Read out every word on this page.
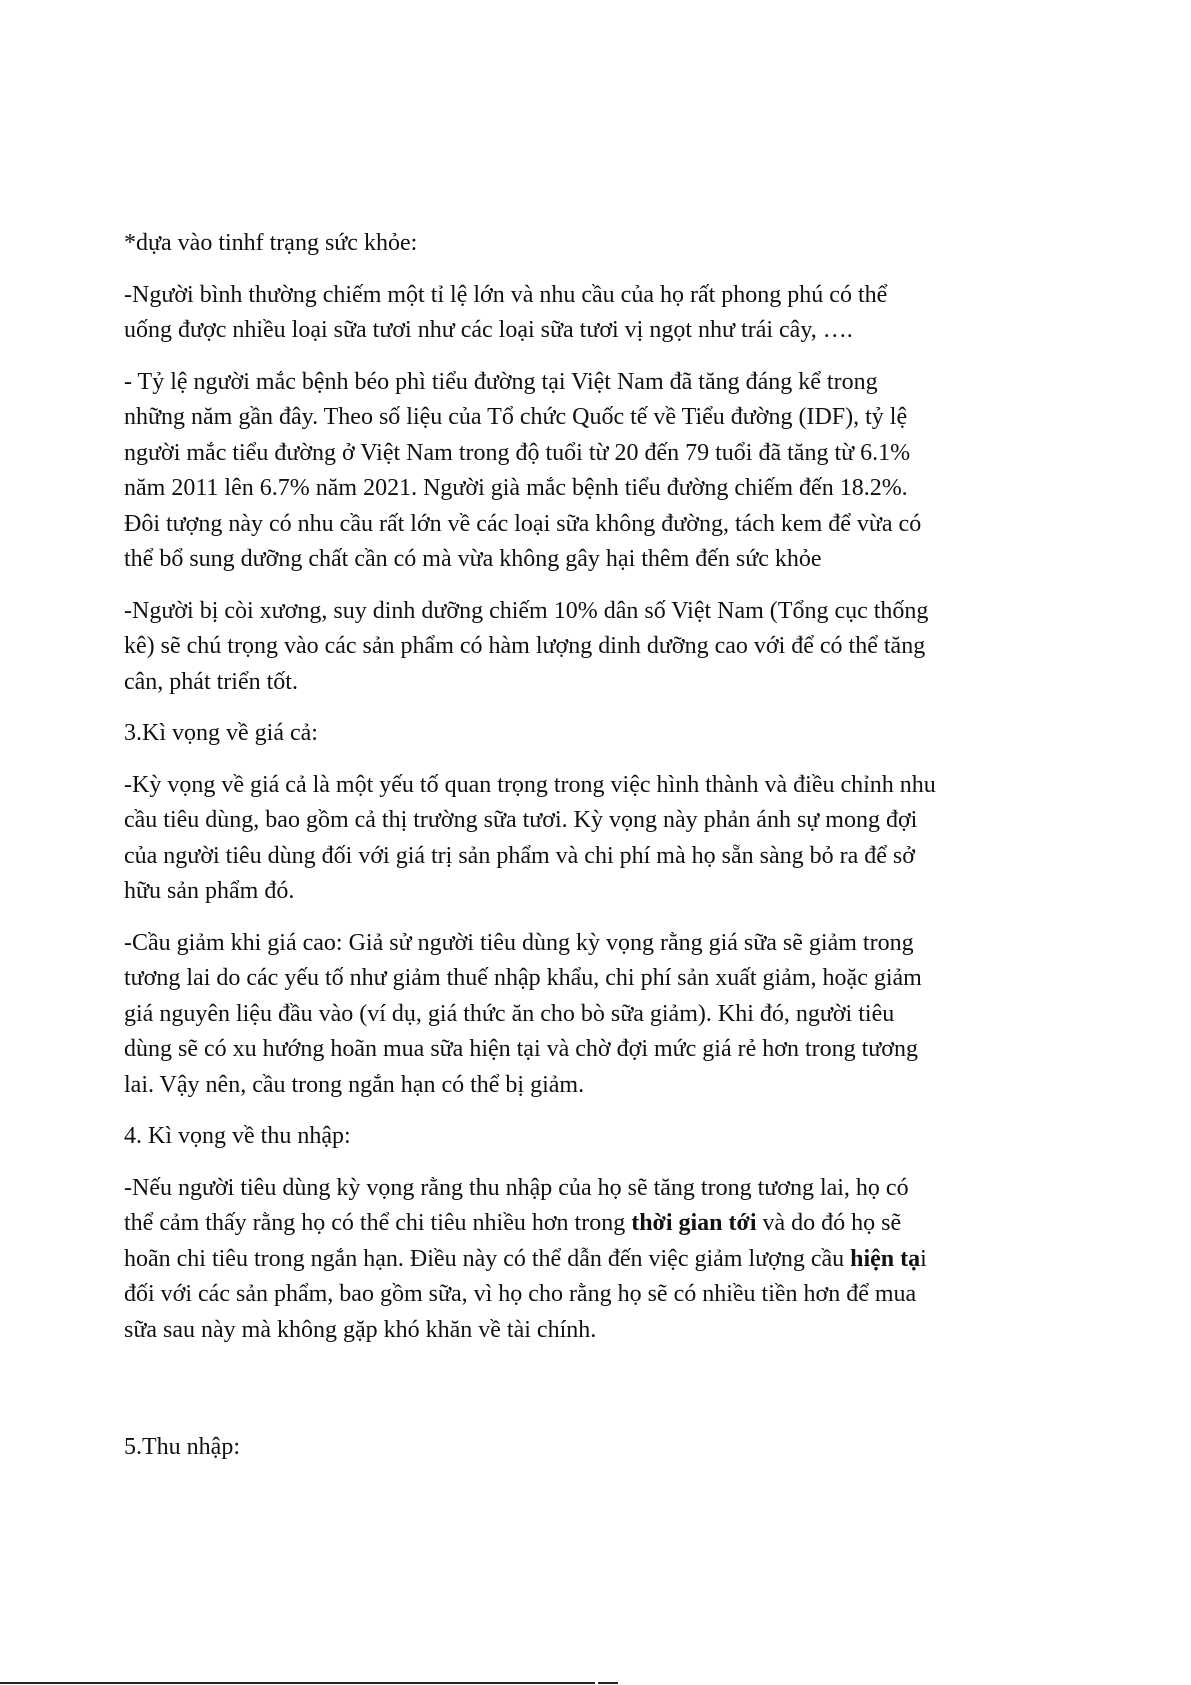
*dựa vào tinhf trạng sức khỏe:

-Người bình thường chiếm một tỉ lệ lớn và nhu cầu của họ rất phong phú có thể
uống được nhiều loại sữa tươi như các loại sữa tươi vị ngọt như trái cây, ….

- Tỷ lệ người mắc bệnh béo phì tiểu đường tại Việt Nam đã tăng đáng kể trong
những năm gần đây. Theo số liệu của Tổ chức Quốc tế về Tiểu đường (IDF), tỷ lệ
người mắc tiểu đường ở Việt Nam trong độ tuổi từ 20 đến 79 tuổi đã tăng từ 6.1%
năm 2011 lên 6.7% năm 2021. Người già mắc bệnh tiểu đường chiếm đến 18.2%.
Đôi tượng này có nhu cầu rất lớn về các loại sữa không đường, tách kem để vừa có
thể bổ sung dưỡng chất cần có mà vừa không gây hại thêm đến sức khỏe

-Người bị còi xương, suy dinh dưỡng chiếm 10% dân số Việt Nam (Tổng cục thống
kê) sẽ chú trọng vào các sản phẩm có hàm lượng dinh dưỡng cao với để có thể tăng
cân, phát triển tốt.

3.Kì vọng về giá cả:

-Kỳ vọng về giá cả là một yếu tố quan trọng trong việc hình thành và điều chỉnh nhu
cầu tiêu dùng, bao gồm cả thị trường sữa tươi. Kỳ vọng này phản ánh sự mong đợi
của người tiêu dùng đối với giá trị sản phẩm và chi phí mà họ sẵn sàng bỏ ra để sở
hữu sản phẩm đó.

-Cầu giảm khi giá cao: Giả sử người tiêu dùng kỳ vọng rằng giá sữa sẽ giảm trong
tương lai do các yếu tố như giảm thuế nhập khẩu, chi phí sản xuất giảm, hoặc giảm
giá nguyên liệu đầu vào (ví dụ, giá thức ăn cho bò sữa giảm). Khi đó, người tiêu
dùng sẽ có xu hướng hoãn mua sữa hiện tại và chờ đợi mức giá rẻ hơn trong tương
lai. Vậy nên, cầu trong ngắn hạn có thể bị giảm.

4. Kì vọng về thu nhập:

-Nếu người tiêu dùng kỳ vọng rằng thu nhập của họ sẽ tăng trong tương lai, họ có
thể cảm thấy rằng họ có thể chi tiêu nhiều hơn trong thời gian tới và do đó họ sẽ
hoãn chi tiêu trong ngắn hạn. Điều này có thể dẫn đến việc giảm lượng cầu hiện tại
đối với các sản phẩm, bao gồm sữa, vì họ cho rằng họ sẽ có nhiều tiền hơn để mua
sữa sau này mà không gặp khó khăn về tài chính.

5.Thu nhập:
